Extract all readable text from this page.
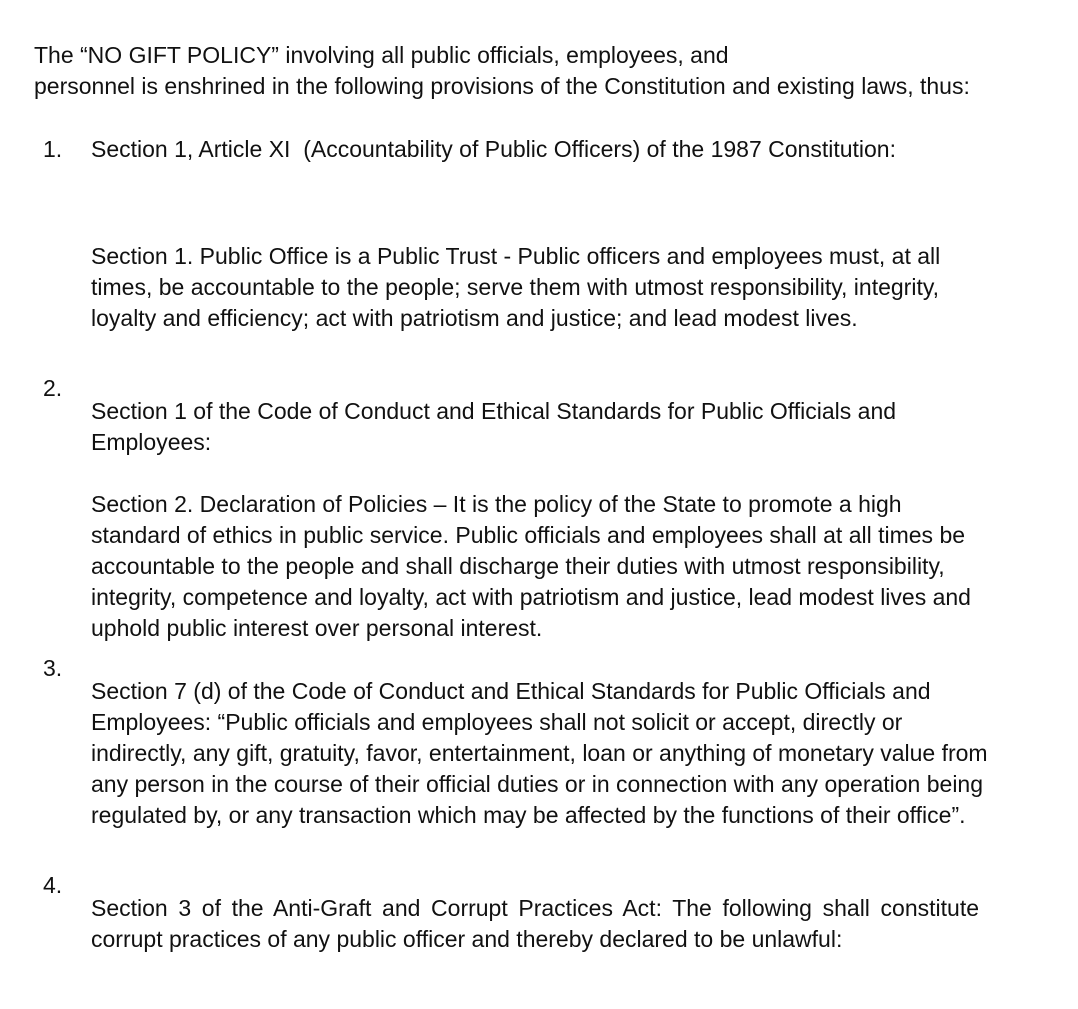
The “NO GIFT POLICY” involving all public officials, employees, and

personnel is enshrined in the following provisions of the Constitution and existing laws, thus:

1. Section 1, Article XI  (Accountability of Public Officers) of the 1987 Constitution:

Section 1. Public Office is a Public Trust - Public officers and employees must, at all times, be accountable to the people; serve them with utmost responsibility, integrity, loyalty and efficiency; act with patriotism and justice; and lead modest lives.

2.

Section 1 of the Code of Conduct and Ethical Standards for Public Officials and Employees:

Section 2. Declaration of Policies – It is the policy of the State to promote a high standard of ethics in public service. Public officials and employees shall at all times be accountable to the people and shall discharge their duties with utmost responsibility, integrity, competence and loyalty, act with patriotism and justice, lead modest lives and uphold public interest over personal interest.

3.

Section 7 (d) of the Code of Conduct and Ethical Standards for Public Officials and Employees: “Public officials and employees shall not solicit or accept, directly or indirectly, any gift, gratuity, favor, entertainment, loan or anything of monetary value from any person in the course of their official duties or in connection with any operation being regulated by, or any transaction which may be affected by the functions of their office”.

4.

Section 3 of the Anti-Graft and Corrupt Practices Act: The following shall constitute corrupt practices of any public officer and thereby declared to be unlawful:
